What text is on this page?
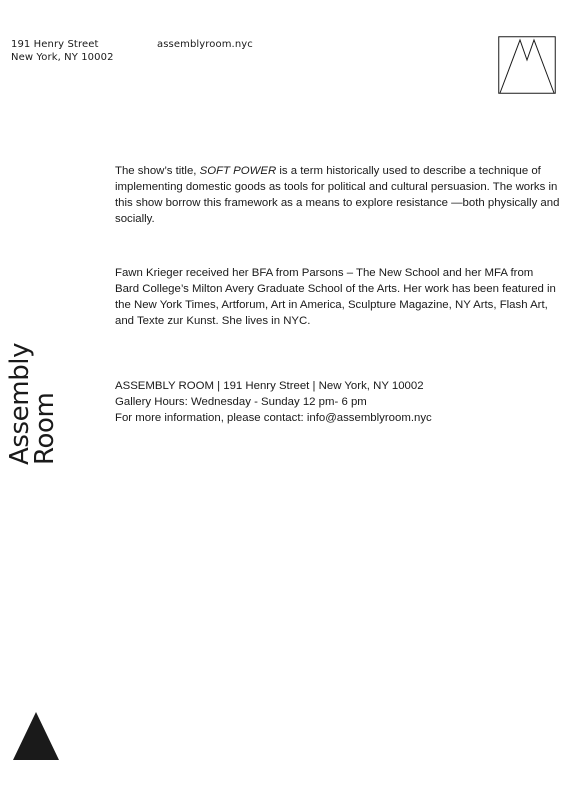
191 Henry Street
New York, NY 10002
assemblyroom.nyc

The show’s title, SOFT POWER is a term historically used to describe a technique of implementing domestic goods as tools for political and cultural persuasion. The works in this show borrow this framework as a means to explore resistance —both physically and socially.

Fawn Krieger received her BFA from Parsons – The New School and her MFA from Bard College’s Milton Avery Graduate School of the Arts. Her work has been featured in the New York Times, Artforum, Art in America, Sculpture Magazine, NY Arts, Flash Art, and Texte zur Kunst. She lives in NYC.

ASSEMBLY ROOM | 191 Henry Street | New York, NY 10002
Gallery Hours: Wednesday - Sunday 12 pm- 6 pm
For more information, please contact: info@assemblyroom.nyc
Assembly
Room
